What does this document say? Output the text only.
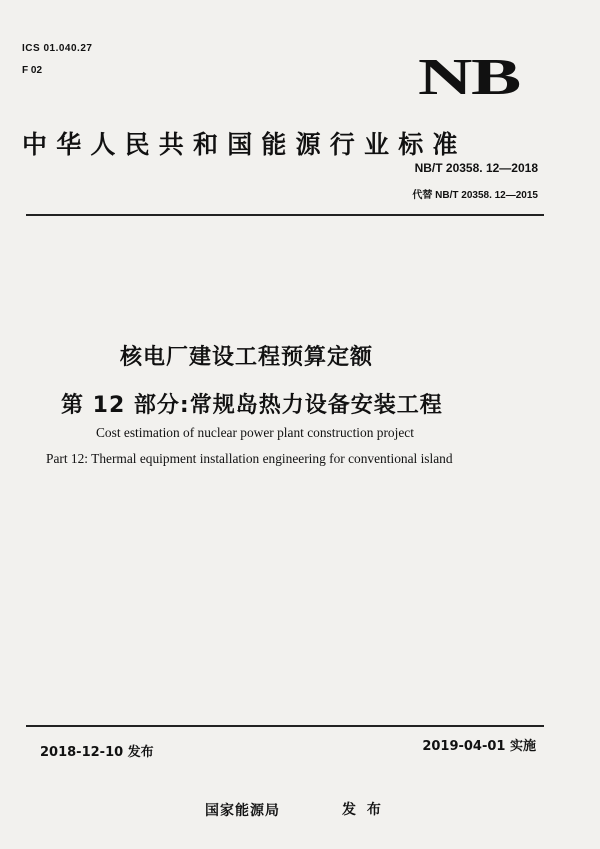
ICS 01.040.27
F 02	NB
中华人民共和国能源行业标准
NB/T 20358. 12—2018
代替 NB/T 20358. 12—2015
核电厂建设工程预算定额
第 12 部分:常规岛热力设备安装工程
Cost estimation of nuclear power plant construction project
Part 12: Thermal equipment installation engineering for conventional island
2018-12-10 发布	2019-04-01 实施
国家能源局	发 布
